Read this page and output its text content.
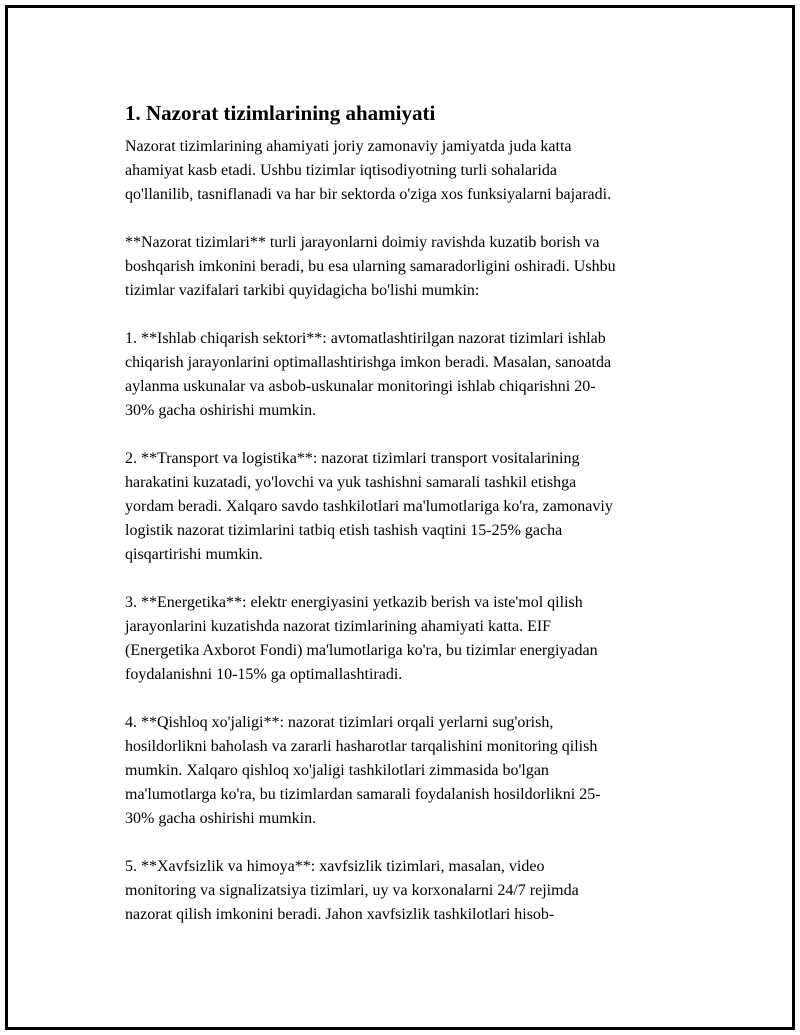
1. Nazorat tizimlarining ahamiyati

Nazorat tizimlarining ahamiyati joriy zamonaviy jamiyatda juda katta
ahamiyat kasb etadi. Ushbu tizimlar iqtisodiyotning turli sohalarida
qo'llanilib, tasniflanadi va har bir sektorda o'ziga xos funksiyalarni bajaradi.

**Nazorat tizimlari** turli jarayonlarni doimiy ravishda kuzatib borish va
boshqarish imkonini beradi, bu esa ularning samaradorligini oshiradi. Ushbu
tizimlar vazifalari tarkibi quyidagicha bo'lishi mumkin:

1. **Ishlab chiqarish sektori**: avtomatlashtirilgan nazorat tizimlari ishlab
chiqarish jarayonlarini optimallashtirishga imkon beradi. Masalan, sanoatda
aylanma uskunalar va asbob-uskunalar monitoringi ishlab chiqarishni 20-
30% gacha oshirishi mumkin.

2. **Transport va logistika**: nazorat tizimlari transport vositalarining
harakatini kuzatadi, yo'lovchi va yuk tashishni samarali tashkil etishga
yordam beradi. Xalqaro savdo tashkilotlari ma'lumotlariga ko'ra, zamonaviy
logistik nazorat tizimlarini tatbiq etish tashish vaqtini 15-25% gacha
qisqartirishi mumkin.

3. **Energetika**: elektr energiyasini yetkazib berish va iste'mol qilish
jarayonlarini kuzatishda nazorat tizimlarining ahamiyati katta. EIF
(Energetika Axborot Fondi) ma'lumotlariga ko'ra, bu tizimlar energiyadan
foydalanishni 10-15% ga optimallashtiradi.

4. **Qishloq xo'jaligi**: nazorat tizimlari orqali yerlarni sug'orish,
hosildorlikni baholash va zararli hasharotlar tarqalishini monitoring qilish
mumkin. Xalqaro qishloq xo'jaligi tashkilotlari zimmasida bo'lgan
ma'lumotlarga ko'ra, bu tizimlardan samarali foydalanish hosildorlikni 25-
30% gacha oshirishi mumkin.

5. **Xavfsizlik va himoya**: xavfsizlik tizimlari, masalan, video
monitoring va signalizatsiya tizimlari, uy va korxonalarni 24/7 rejimda
nazorat qilish imkonini beradi. Jahon xavfsizlik tashkilotlari hisob-
